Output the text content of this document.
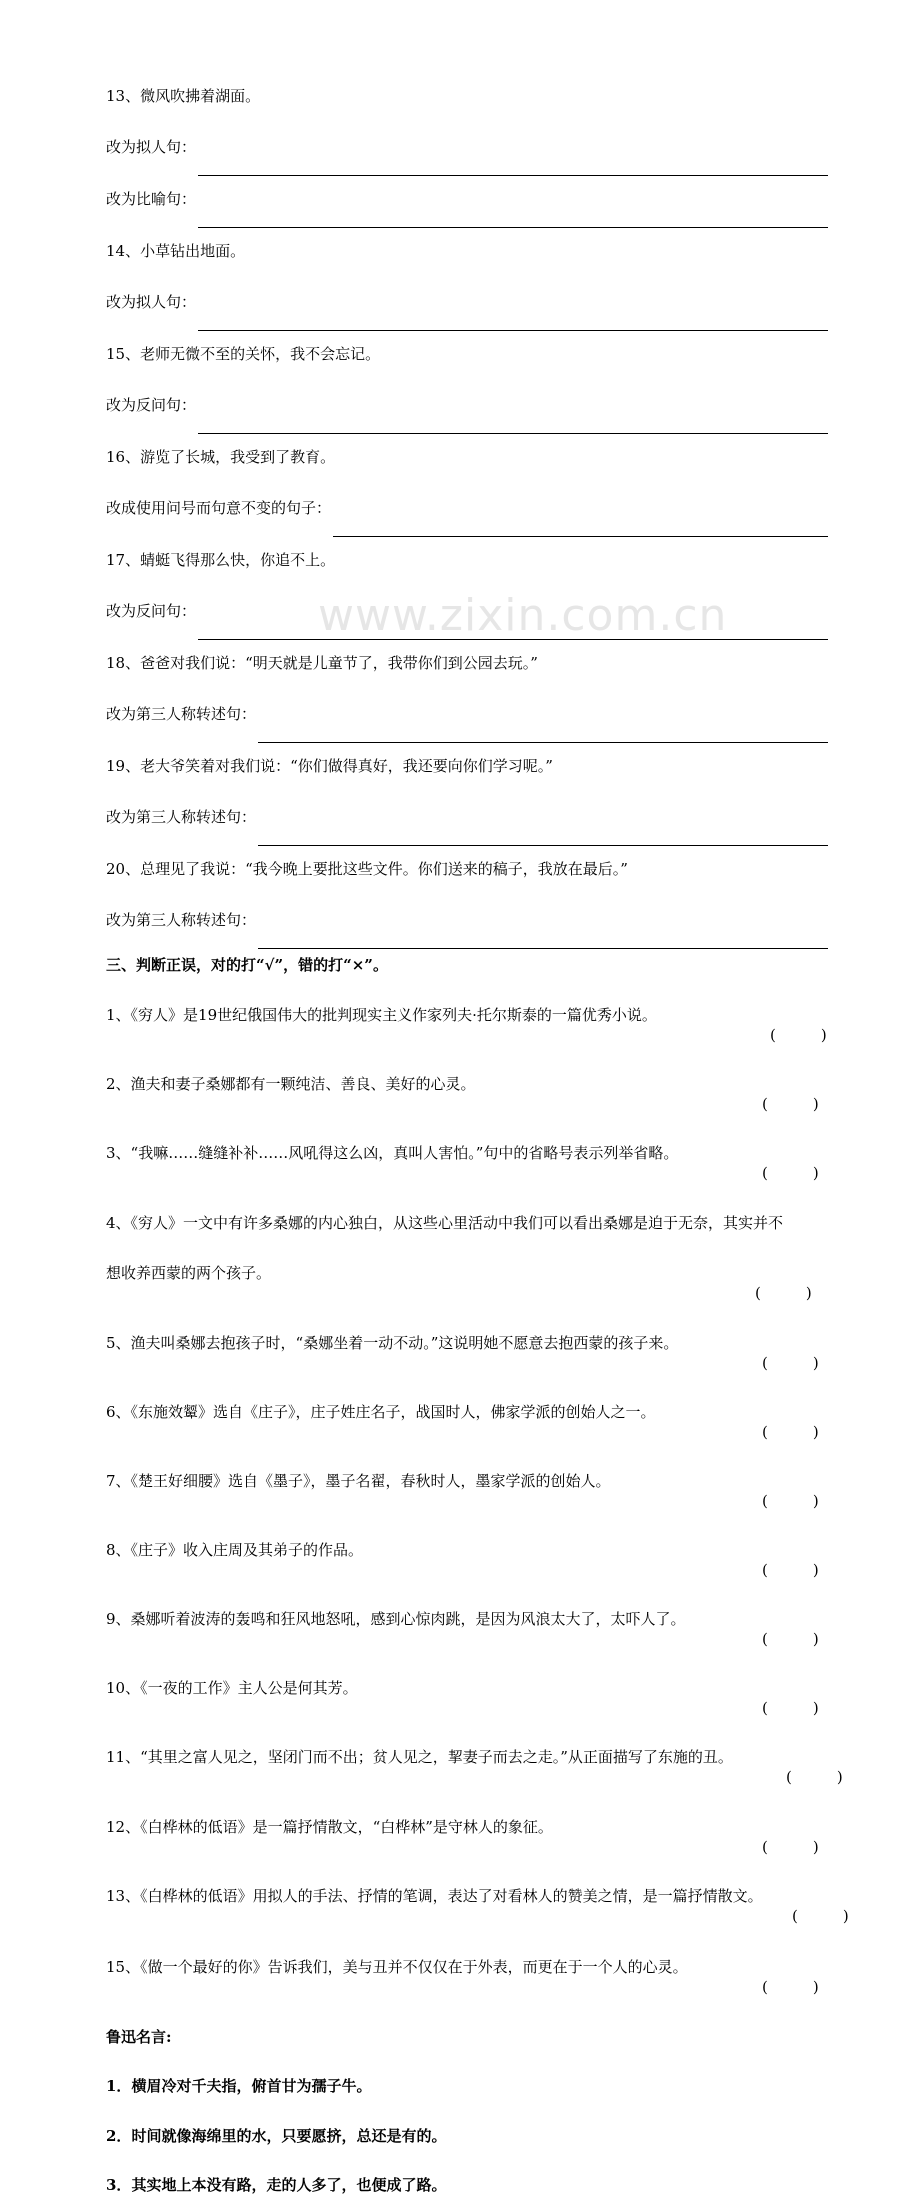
www.zixin.com.cn
13、微风吹拂着湖面。
改为拟人句：
改为比喻句：
14、小草钻出地面。
改为拟人句：
15、老师无微不至的关怀，我不会忘记。
改为反问句：
16、游览了长城，我受到了教育。
改成使用问号而句意不变的句子：
17、蜻蜓飞得那么快，你追不上。
改为反问句：
18、爸爸对我们说：“明天就是儿童节了，我带你们到公园去玩。”
改为第三人称转述句：
19、老大爷笑着对我们说：“你们做得真好，我还要向你们学习呢。”
改为第三人称转述句：
20、总理见了我说：“我今晚上要批这些文件。你们送来的稿子，我放在最后。”
改为第三人称转述句：
三、判断正误，对的打“√”，错的打“×”。
1、《穷人》是19世纪俄国伟大的批判现实主义作家列夫·托尔斯泰的一篇优秀小说。
(　　　)
2、渔夫和妻子桑娜都有一颗纯洁、善良、美好的心灵。
(　　　)
3、“我嘛……缝缝补补……风吼得这么凶，真叫人害怕。”句中的省略号表示列举省略。
(　　　)
4、《穷人》一文中有许多桑娜的内心独白，从这些心里活动中我们可以看出桑娜是迫于无奈，其实并不
想收养西蒙的两个孩子。
(　　　)
5、渔夫叫桑娜去抱孩子时，“桑娜坐着一动不动。”这说明她不愿意去抱西蒙的孩子来。
(　　　)
6、《东施效颦》选自《庄子》，庄子姓庄名子，战国时人，佛家学派的创始人之一。
(　　　)
7、《楚王好细腰》选自《墨子》，墨子名翟，春秋时人，墨家学派的创始人。
(　　　)
8、《庄子》收入庄周及其弟子的作品。
(　　　)
9、桑娜听着波涛的轰鸣和狂风地怒吼，感到心惊肉跳，是因为风浪太大了，太吓人了。
(　　　)
10、《一夜的工作》主人公是何其芳。
(　　　)
11、“其里之富人见之，坚闭门而不出；贫人见之，挈妻子而去之走。”从正面描写了东施的丑。
(　　　)
12、《白桦林的低语》是一篇抒情散文，“白桦林”是守林人的象征。
(　　　)
13、《白桦林的低语》用拟人的手法、抒情的笔调，表达了对看林人的赞美之情，是一篇抒情散文。
(　　　)
15、《做一个最好的你》告诉我们，美与丑并不仅仅在于外表，而更在于一个人的心灵。
(　　　)
鲁迅名言:
1．横眉冷对千夫指，俯首甘为孺子牛。
2．时间就像海绵里的水，只要愿挤，总还是有的。
3．其实地上本没有路，走的人多了，也便成了路。
